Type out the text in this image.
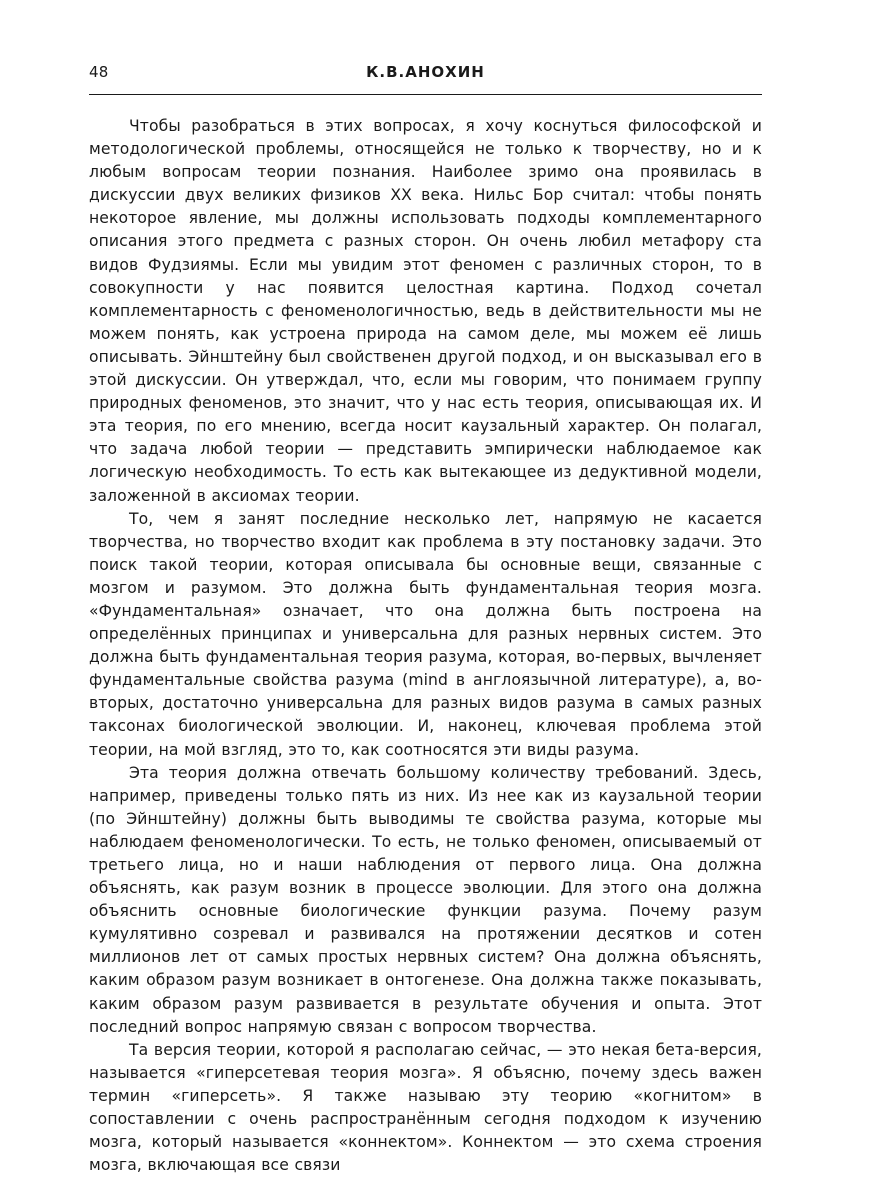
48	К.В.АНОХИН

Чтобы разобраться в этих вопросах, я хочу коснуться философской и методологической проблемы, относящейся не только к творчеству, но и к любым вопросам теории познания. Наиболее зримо она проявилась в дискуссии двух великих физиков XX века. Нильс Бор считал: чтобы понять некоторое явление, мы должны использовать подходы комплементарного описания этого предмета с разных сторон. Он очень любил метафору ста видов Фудзиямы. Если мы увидим этот феномен с различных сторон, то в совокупности у нас появится целостная картина. Подход сочетал комплементарность с феноменологичностью, ведь в действительности мы не можем понять, как устроена природа на самом деле, мы можем её лишь описывать. Эйнштейну был свойственен другой подход, и он высказывал его в этой дискуссии. Он утверждал, что, если мы говорим, что понимаем группу природных феноменов, это значит, что у нас есть теория, описывающая их. И эта теория, по его мнению, всегда носит каузальный характер. Он полагал, что задача любой теории — представить эмпирически наблюдаемое как логическую необходимость. То есть как вытекающее из дедуктивной модели, заложенной в аксиомах теории.

То, чем я занят последние несколько лет, напрямую не касается творчества, но творчество входит как проблема в эту постановку задачи. Это поиск такой теории, которая описывала бы основные вещи, связанные с мозгом и разумом. Это должна быть фундаментальная теория мозга. «Фундаментальная» означает, что она должна быть построена на определённых принципах и универсальна для разных нервных систем. Это должна быть фундаментальная теория разума, которая, во-первых, вычленяет фундаментальные свойства разума (mind в англоязычной литературе), а, во-вторых, достаточно универсальна для разных видов разума в самых разных таксонах биологической эволюции. И, наконец, ключевая проблема этой теории, на мой взгляд, это то, как соотносятся эти виды разума.

Эта теория должна отвечать большому количеству требований. Здесь, например, приведены только пять из них. Из нее как из каузальной теории (по Эйнштейну) должны быть выводимы те свойства разума, которые мы наблюдаем феноменологически. То есть, не только феномен, описываемый от третьего лица, но и наши наблюдения от первого лица. Она должна объяснять, как разум возник в процессе эволюции. Для этого она должна объяснить основные биологические функции разума. Почему разум кумулятивно созревал и развивался на протяжении десятков и сотен миллионов лет от самых простых нервных систем? Она должна объяснять, каким образом разум возникает в онтогенезе. Она должна также показывать, каким образом разум развивается в результате обучения и опыта. Этот последний вопрос напрямую связан с вопросом творчества.

Та версия теории, которой я располагаю сейчас, — это некая бета-версия, называется «гиперсетевая теория мозга». Я объясню, почему здесь важен термин «гиперсеть». Я также называю эту теорию «когнитом» в сопоставлении с очень распространённым сегодня подходом к изучению мозга, который называется «коннектом». Коннектом — это схема строения мозга, включающая все связи
